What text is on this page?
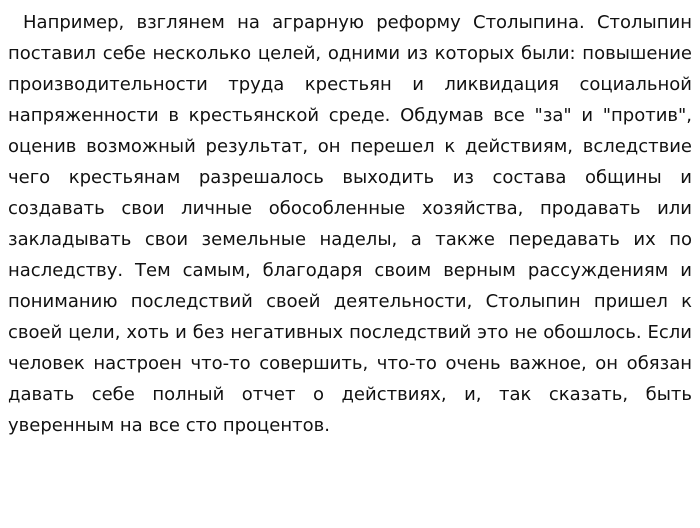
Например, взглянем на аграрную реформу Столыпина. Столыпин поставил себе несколько целей, одними из которых были: повышение производительности труда крестьян и ликвидация социальной напряженности в крестьянской среде. Обдумав все "за" и "против", оценив возможный результат, он перешел к действиям, вследствие чего крестьянам разрешалось выходить из состава общины и создавать свои личные обособленные хозяйства, продавать или закладывать свои земельные наделы, а также передавать их по наследству. Тем самым, благодаря своим верным рассуждениям и пониманию последствий своей деятельности, Столыпин пришел к своей цели, хоть и без негативных последствий это не обошлось. Если человек настроен что-то совершить, что-то очень важное, он обязан давать себе полный отчет о действиях, и, так сказать, быть уверенным на все сто процентов.
